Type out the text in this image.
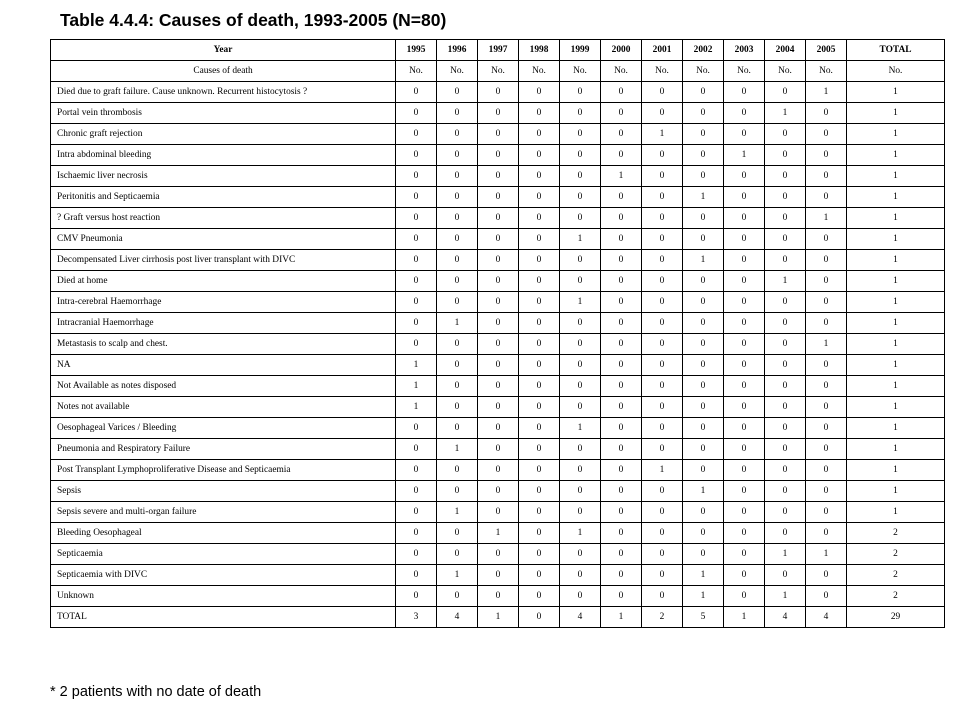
Table 4.4.4: Causes of death, 1993-2005 (N=80)
Year	1995	1996	1997	1998	1999	2000	2001	2002	2003	2004	2005	TOTAL
Causes of death	No.	No.	No.	No.	No.	No.	No.	No.	No.	No.	No.	No.
Died due to graft failure. Cause unknown. Recurrent histocytosis ?	0	0	0	0	0	0	0	0	0	0	1	1
Portal vein thrombosis	0	0	0	0	0	0	0	0	0	1	0	1
Chronic graft rejection	0	0	0	0	0	0	1	0	0	0	0	1
Intra abdominal bleeding	0	0	0	0	0	0	0	0	1	0	0	1
Ischaemic liver necrosis	0	0	0	0	0	1	0	0	0	0	0	1
Peritonitis and Septicaemia	0	0	0	0	0	0	0	1	0	0	0	1
? Graft versus host reaction	0	0	0	0	0	0	0	0	0	0	1	1
CMV Pneumonia	0	0	0	0	1	0	0	0	0	0	0	1
Decompensated Liver cirrhosis post liver transplant with DIVC	0	0	0	0	0	0	0	1	0	0	0	1
Died at home	0	0	0	0	0	0	0	0	0	1	0	1
Intra-cerebral Haemorrhage	0	0	0	0	1	0	0	0	0	0	0	1
Intracranial Haemorrhage	0	1	0	0	0	0	0	0	0	0	0	1
Metastasis to scalp and chest.	0	0	0	0	0	0	0	0	0	0	1	1
NA	1	0	0	0	0	0	0	0	0	0	0	1
Not Available as notes disposed	1	0	0	0	0	0	0	0	0	0	0	1
Notes not available	1	0	0	0	0	0	0	0	0	0	0	1
Oesophageal Varices / Bleeding	0	0	0	0	1	0	0	0	0	0	0	1
Pneumonia and Respiratory Failure	0	1	0	0	0	0	0	0	0	0	0	1
Post Transplant Lymphoproliferative Disease and Septicaemia	0	0	0	0	0	0	1	0	0	0	0	1
Sepsis	0	0	0	0	0	0	0	1	0	0	0	1
Sepsis severe and multi-organ failure	0	1	0	0	0	0	0	0	0	0	0	1
Bleeding Oesophageal	0	0	1	0	1	0	0	0	0	0	0	2
Septicaemia	0	0	0	0	0	0	0	0	0	1	1	2
Septicaemia with DIVC	0	1	0	0	0	0	0	1	0	0	0	2
Unknown	0	0	0	0	0	0	0	1	0	1	0	2
TOTAL	3	4	1	0	4	1	2	5	1	4	4	29
* 2 patients with no date of death
